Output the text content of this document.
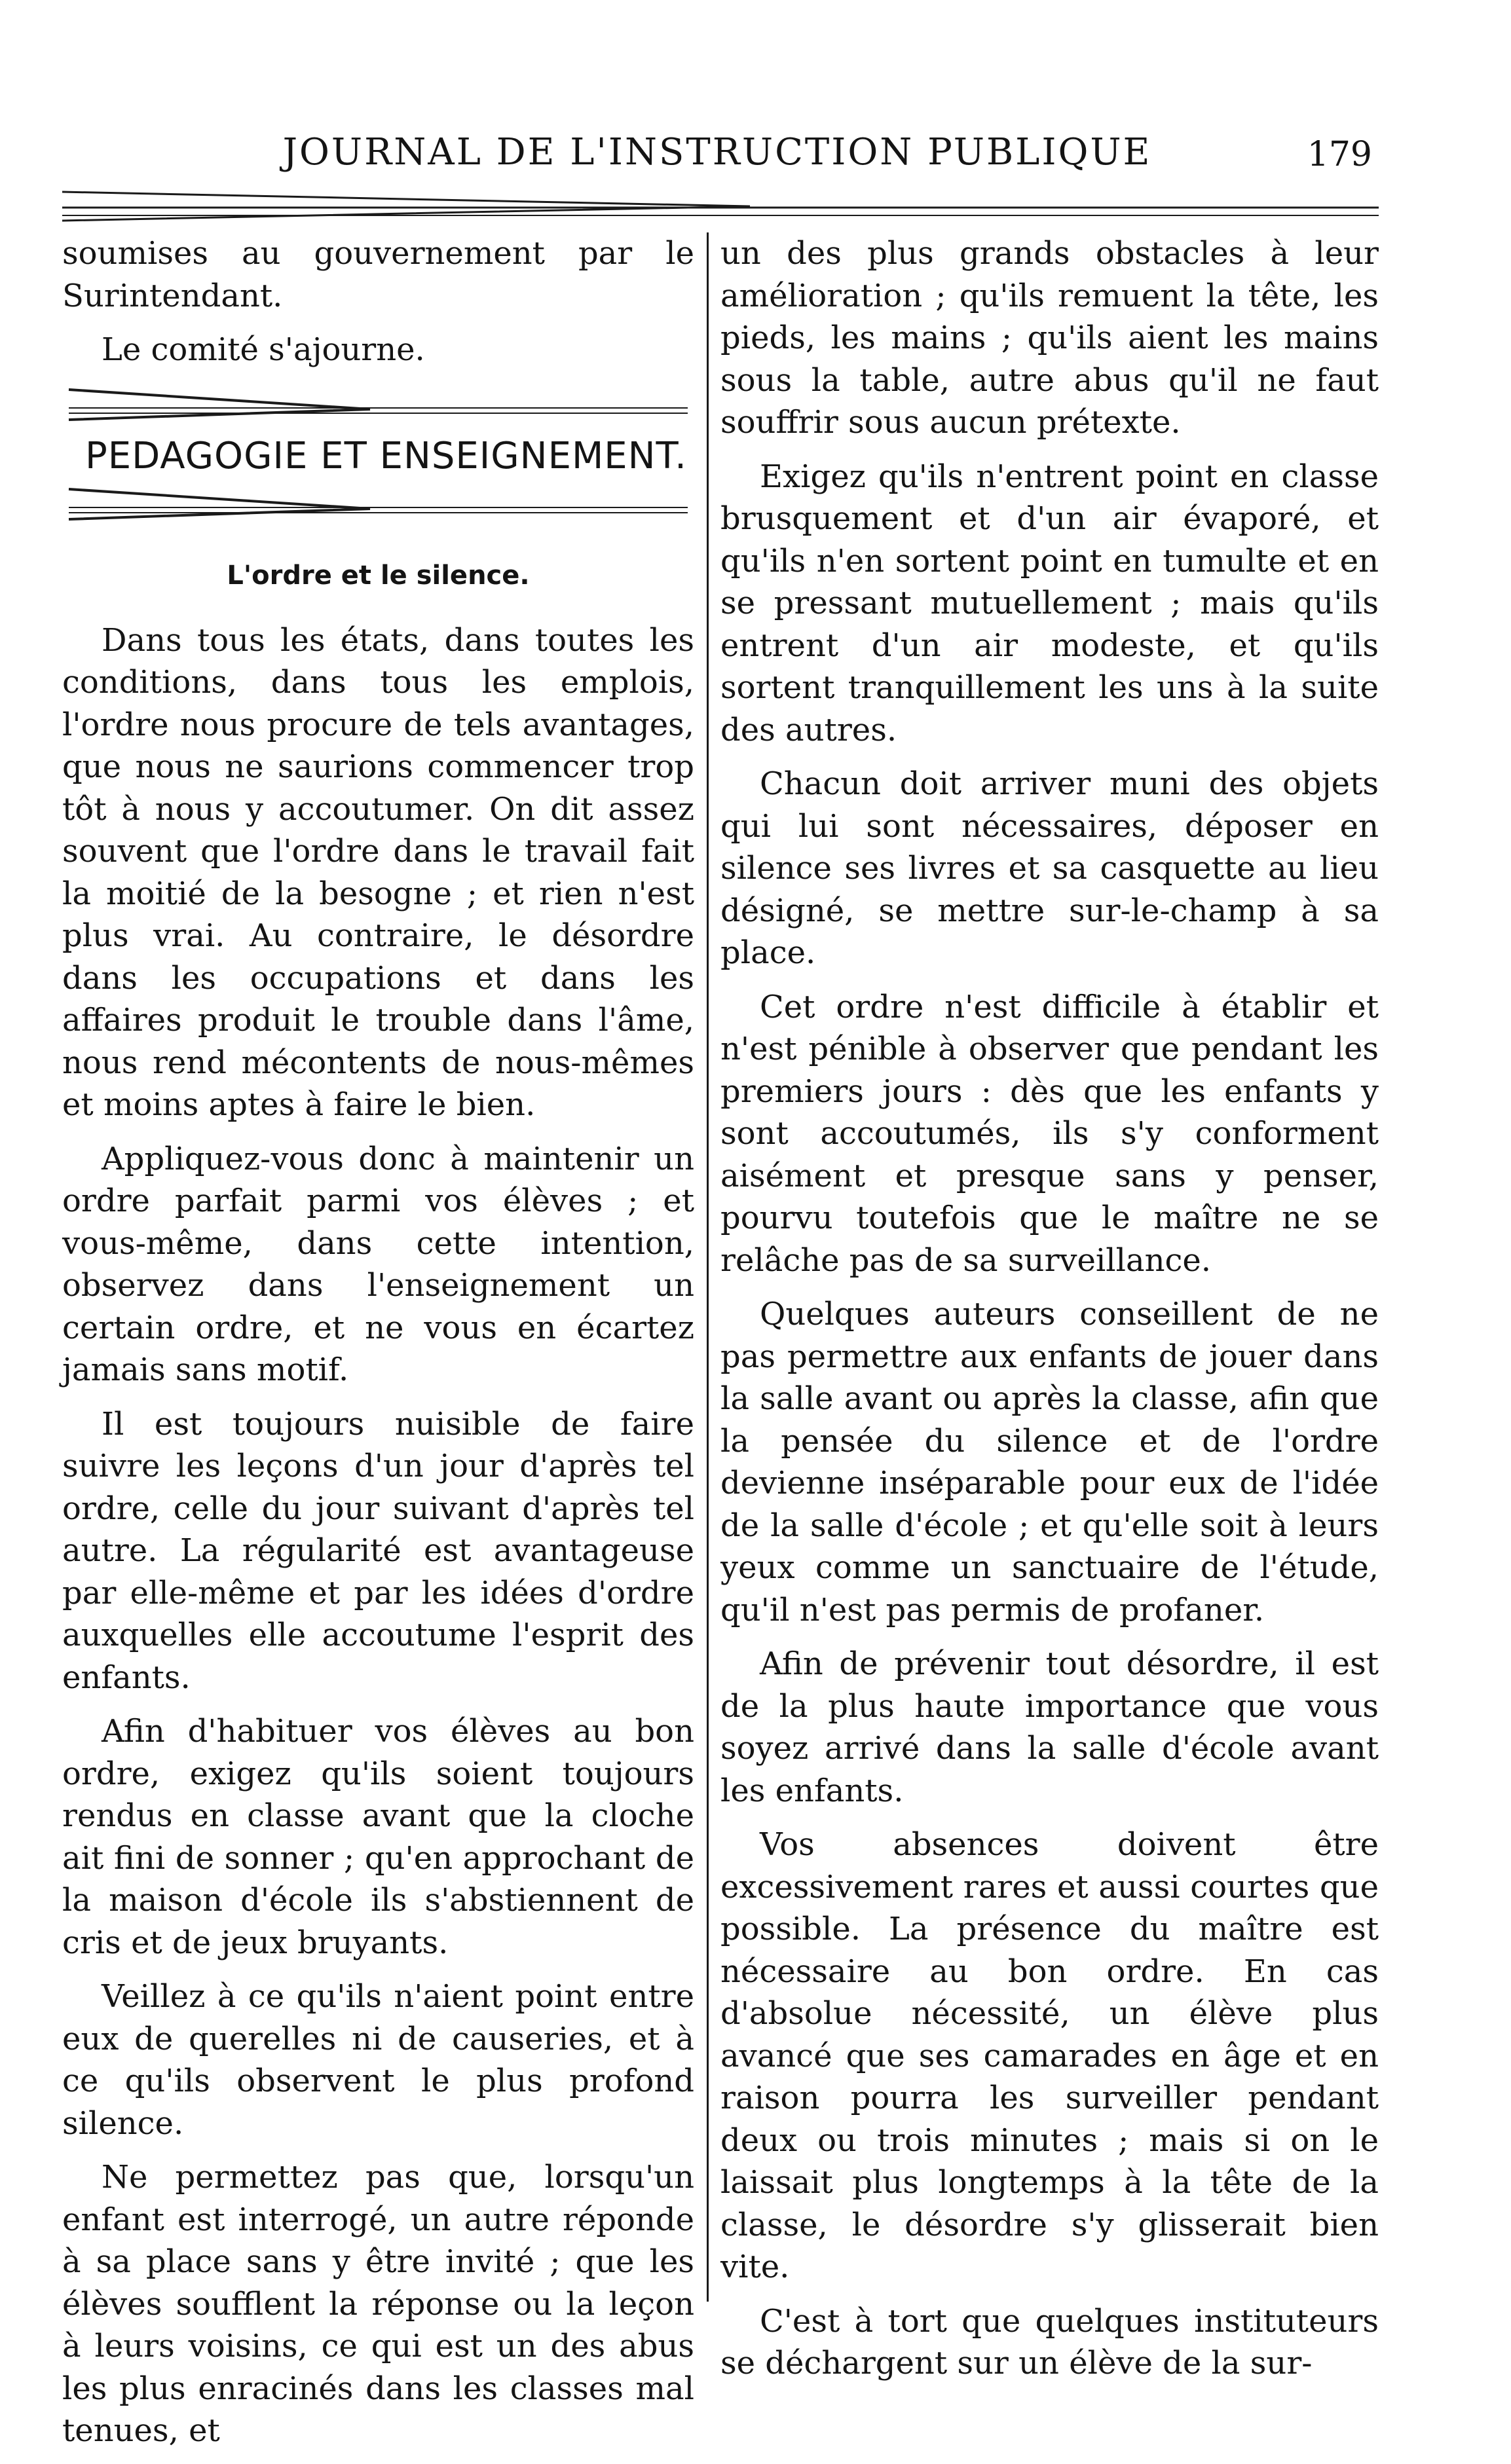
JOURNAL DE L'INSTRUCTION PUBLIQUE	179

soumises au gouvernement par le Surintendant.

Le comité s'ajourne.

PEDAGOGIE ET ENSEIGNEMENT.
L'ordre et le silence.

Dans tous les états, dans toutes les conditions, dans tous les emplois, l'ordre nous procure de tels avantages, que nous ne saurions commencer trop tôt à nous y accoutumer. On dit assez souvent que l'ordre dans le travail fait la moitié de la besogne ; et rien n'est plus vrai. Au contraire, le désordre dans les occupations et dans les affaires produit le trouble dans l'âme, nous rend mécontents de nous-mêmes et moins aptes à faire le bien.

Appliquez-vous donc à maintenir un ordre parfait parmi vos élèves ; et vous-même, dans cette intention, observez dans l'enseignement un certain ordre, et ne vous en écartez jamais sans motif.

Il est toujours nuisible de faire suivre les leçons d'un jour d'après tel ordre, celle du jour suivant d'après tel autre. La régularité est avantageuse par elle-même et par les idées d'ordre auxquelles elle accoutume l'esprit des enfants.

Afin d'habituer vos élèves au bon ordre, exigez qu'ils soient toujours rendus en classe avant que la cloche ait fini de sonner ; qu'en approchant de la maison d'école ils s'abstiennent de cris et de jeux bruyants.

Veillez à ce qu'ils n'aient point entre eux de querelles ni de causeries, et à ce qu'ils observent le plus profond silence.

Ne permettez pas que, lorsqu'un enfant est interrogé, un autre réponde à sa place sans y être invité ; que les élèves soufflent la réponse ou la leçon à leurs voisins, ce qui est un des abus les plus enracinés dans les classes mal tenues, et

un des plus grands obstacles à leur amélioration ; qu'ils remuent la tête, les pieds, les mains ; qu'ils aient les mains sous la table, autre abus qu'il ne faut souffrir sous aucun prétexte.

Exigez qu'ils n'entrent point en classe brusquement et d'un air évaporé, et qu'ils n'en sortent point en tumulte et en se pressant mutuellement ; mais qu'ils entrent d'un air modeste, et qu'ils sortent tranquillement les uns à la suite des autres.

Chacun doit arriver muni des objets qui lui sont nécessaires, déposer en silence ses livres et sa casquette au lieu désigné, se mettre sur-le-champ à sa place.

Cet ordre n'est difficile à établir et n'est pénible à observer que pendant les premiers jours : dès que les enfants y sont accoutumés, ils s'y conforment aisément et presque sans y penser, pourvu toutefois que le maître ne se relâche pas de sa surveillance.

Quelques auteurs conseillent de ne pas permettre aux enfants de jouer dans la salle avant ou après la classe, afin que la pensée du silence et de l'ordre devienne inséparable pour eux de l'idée de la salle d'école ; et qu'elle soit à leurs yeux comme un sanctuaire de l'étude, qu'il n'est pas permis de profaner.

Afin de prévenir tout désordre, il est de la plus haute importance que vous soyez arrivé dans la salle d'école avant les enfants.

Vos absences doivent être excessivement rares et aussi courtes que possible. La présence du maître est nécessaire au bon ordre. En cas d'absolue nécessité, un élève plus avancé que ses camarades en âge et en raison pourra les surveiller pendant deux ou trois minutes ; mais si on le laissait plus longtemps à la tête de la classe, le désordre s'y glisserait bien vite.

C'est à tort que quelques instituteurs se déchargent sur un élève de la sur-
